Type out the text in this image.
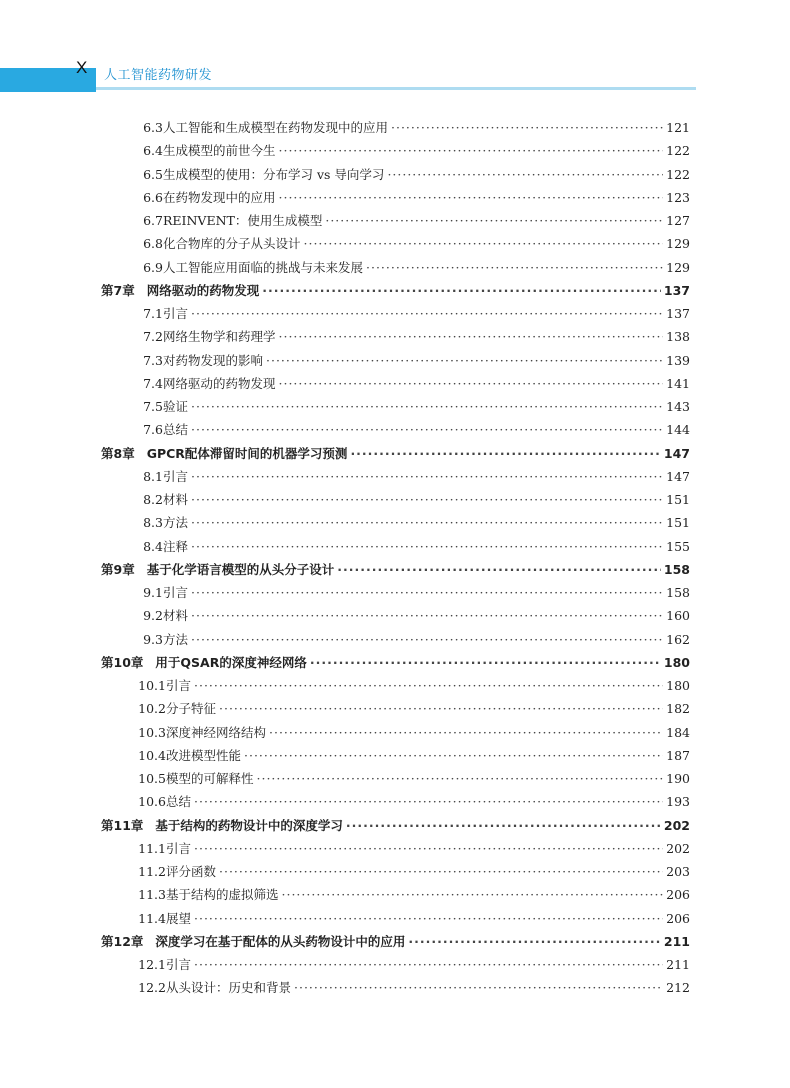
X 人工智能药物研发
6.3 人工智能和生成模型在药物发现中的应用 ·····	121
6.4 生成模型的前世今生 ·····	122
6.5 生成模型的使用：分布学习 vs 导向学习 ·····	122
6.6 在药物发现中的应用 ·····	123
6.7 REINVENT：使用生成模型 ·····	127
6.8 化合物库的分子从头设计 ·····	129
6.9 人工智能应用面临的挑战与未来发展 ·····	129
第7章 网络驱动的药物发现 ·····	137
7.1 引言 ·····	137
7.2 网络生物学和药理学 ·····	138
7.3 对药物发现的影响 ·····	139
7.4 网络驱动的药物发现 ·····	141
7.5 验证 ·····	143
7.6 总结 ·····	144
第8章 GPCR配体滞留时间的机器学习预测 ·····	147
8.1 引言 ·····	147
8.2 材料 ·····	151
8.3 方法 ·····	151
8.4 注释 ·····	155
第9章 基于化学语言模型的从头分子设计 ·····	158
9.1 引言 ·····	158
9.2 材料 ·····	160
9.3 方法 ·····	162
第10章 用于QSAR的深度神经网络 ·····	180
10.1 引言 ·····	180
10.2 分子特征 ·····	182
10.3 深度神经网络结构 ·····	184
10.4 改进模型性能 ·····	187
10.5 模型的可解释性 ·····	190
10.6 总结 ·····	193
第11章 基于结构的药物设计中的深度学习 ·····	202
11.1 引言 ·····	202
11.2 评分函数 ·····	203
11.3 基于结构的虚拟筛选 ·····	206
11.4 展望 ·····	206
第12章 深度学习在基于配体的从头药物设计中的应用 ·····	211
12.1 引言 ·····	211
12.2 从头设计：历史和背景 ·····	212
